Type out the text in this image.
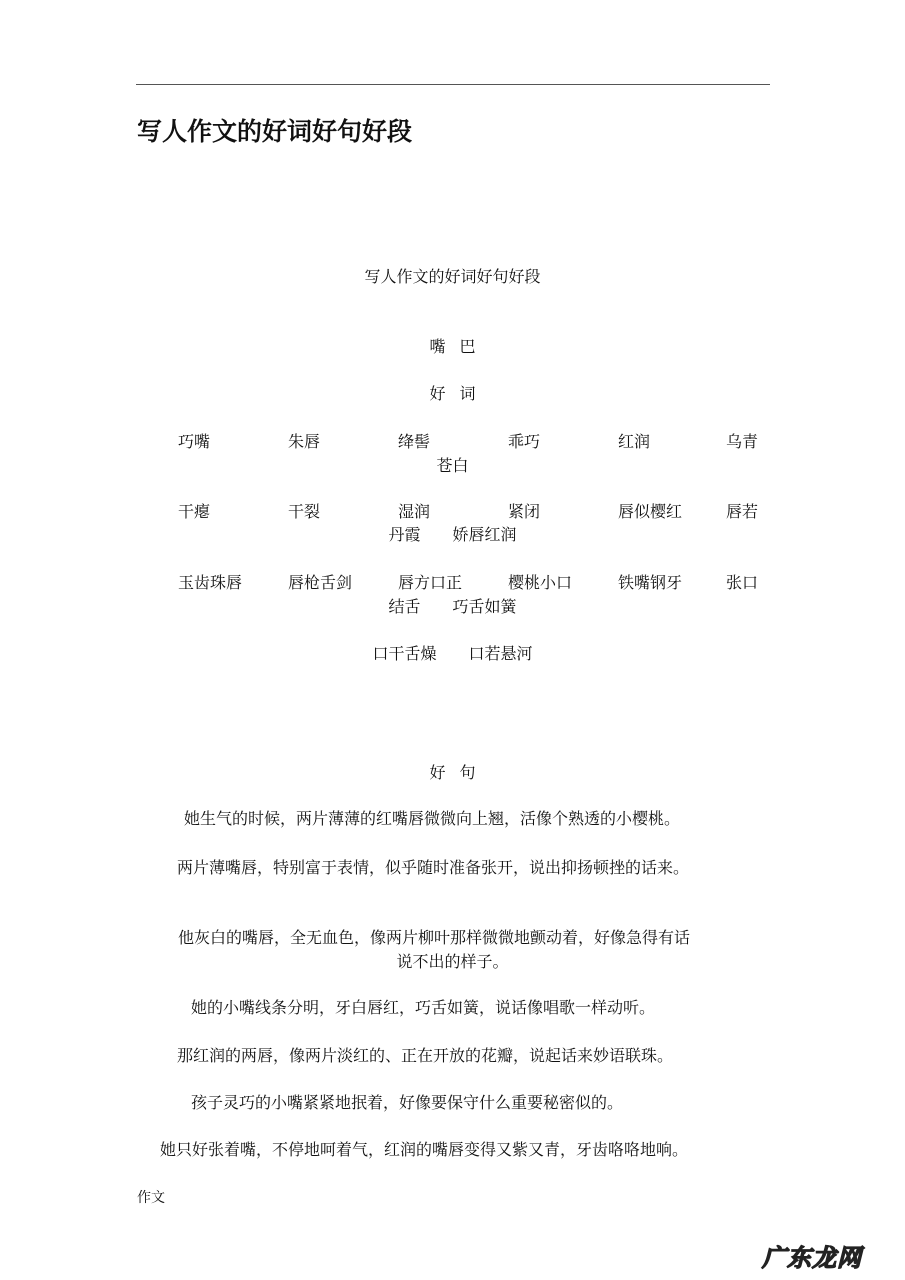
写人作文的好词好句好段
写人作文的好词好句好段
嘴巴
好词
巧嘴	朱唇	绛髻	乖巧	红润	乌青
苍白
干瘪	干裂	湿润	紧闭	唇似樱红	唇若
丹霞　　娇唇红润
玉齿珠唇	唇枪舌剑	唇方口正	樱桃小口	铁嘴钢牙	张口
结舌　　巧舌如簧
口干舌燥　　口若悬河
好句
她生气的时候，两片薄薄的红嘴唇微微向上翘，活像个熟透的小樱桃。
两片薄嘴唇，特别富于表情，似乎随时准备张开，说出抑扬顿挫的话来。
他灰白的嘴唇，全无血色，像两片柳叶那样微微地颤动着，好像急得有话
说不出的样子。
她的小嘴线条分明，牙白唇红，巧舌如簧，说话像唱歌一样动听。
那红润的两唇，像两片淡红的、正在开放的花瓣，说起话来妙语联珠。
孩子灵巧的小嘴紧紧地抿着，好像要保守什么重要秘密似的。
她只好张着嘴，不停地呵着气，红润的嘴唇变得又紫又青，牙齿咯咯地响。
作文
广东龙网
